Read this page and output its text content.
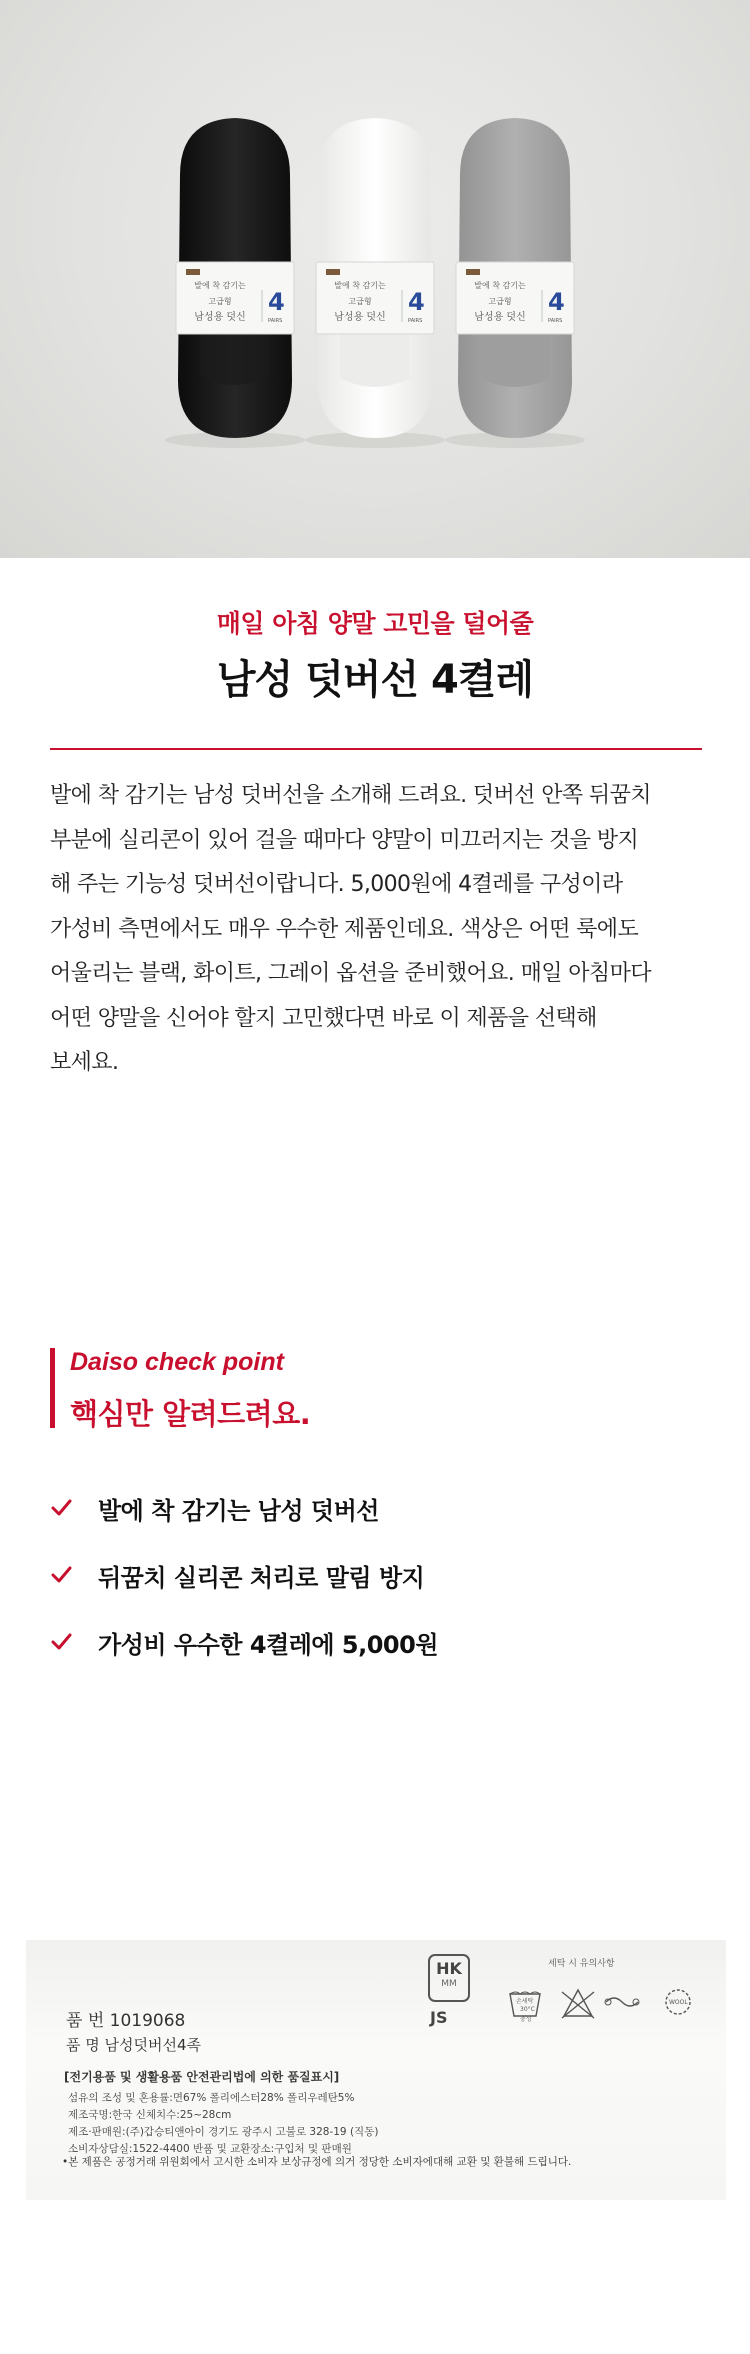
발에 착 감기는
고급형
남성용 덧신
4
PAIRS
발에 착 감기는
고급형
남성용 덧신
4
PAIRS
발에 착 감기는
고급형
남성용 덧신
4
PAIRS
매일 아침 양말 고민을 덜어줄
남성 덧버선 4켤레
발에 착 감기는 남성 덧버선을 소개해 드려요. 덧버선 안쪽 뒤꿈치
부분에 실리콘이 있어 걸을 때마다 양말이 미끄러지는 것을 방지
해 주는 기능성 덧버선이랍니다. 5,000원에 4켤레를 구성이라
가성비 측면에서도 매우 우수한 제품인데요. 색상은 어떤 룩에도
어울리는 블랙, 화이트, 그레이 옵션을 준비했어요. 매일 아침마다
어떤 양말을 신어야 할지 고민했다면 바로 이 제품을 선택해
보세요.
Daiso check point
핵심만 알려드려요.
발에 착 감기는 남성 덧버선
뒤꿈치 실리콘 처리로 말림 방지
가성비 우수한 4켤레에 5,000원
HK
MM
JS
세탁 시 유의사항
손세탁
30°C
중성
WOOL
품 번 1019068
품 명 남성덧버선4족
[전기용품 및 생활용품 안전관리법에 의한 품질표시]
섬유의 조성 및 혼용률:면67% 폴리에스터28% 폴리우레탄5%
제조국명:한국 신체치수:25~28cm
제조·판매원:(주)갑승티앤아이 경기도 광주시 고불로 328-19 (직동)
소비자상담실:1522-4400 반품 및 교환장소:구입처 및 판매원
•본 제품은 공정거래 위원회에서 고시한 소비자 보상규정에 의거 정당한 소비자에대해 교환 및 환불해 드립니다.
